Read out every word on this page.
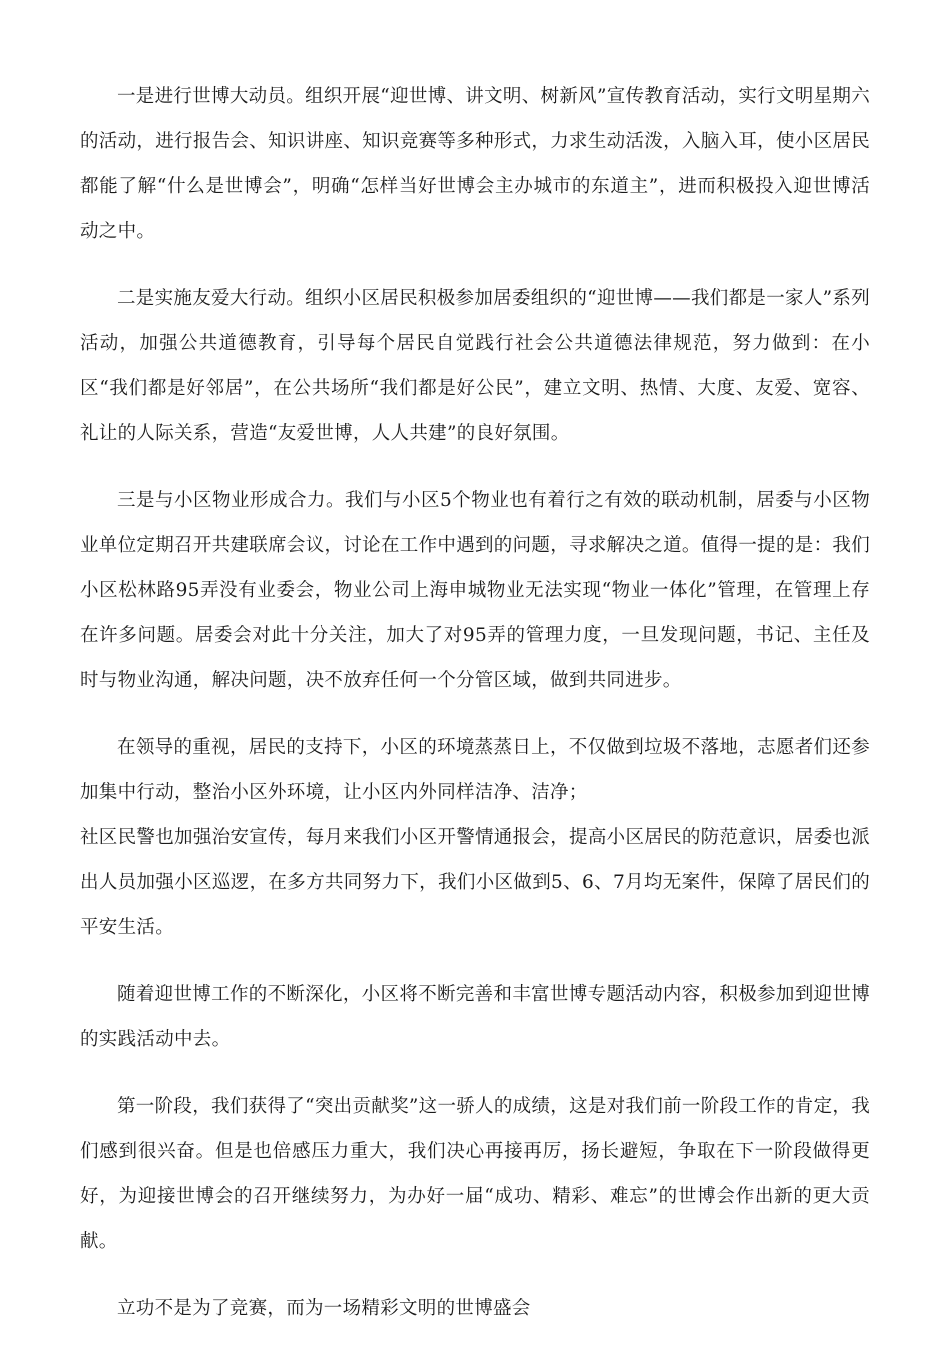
一是进行世博大动员。组织开展“迎世博、讲文明、树新风”宣传教育活动，实行文明星期六的活动，进行报告会、知识讲座、知识竞赛等多种形式，力求生动活泼，入脑入耳，使小区居民都能了解“什么是世博会”，明确“怎样当好世博会主办城市的东道主”，进而积极投入迎世博活动之中。

二是实施友爱大行动。组织小区居民积极参加居委组织的“迎世博——我们都是一家人”系列活动，加强公共道德教育，引导每个居民自觉践行社会公共道德法律规范，努力做到：在小区“我们都是好邻居”，在公共场所“我们都是好公民”，建立文明、热情、大度、友爱、宽容、礼让的人际关系，营造“友爱世博，人人共建”的良好氛围。

三是与小区物业形成合力。我们与小区5个物业也有着行之有效的联动机制，居委与小区物业单位定期召开共建联席会议，讨论在工作中遇到的问题，寻求解决之道。值得一提的是：我们小区松林路95弄没有业委会，物业公司上海申城物业无法实现“物业一体化”管理，在管理上存在许多问题。居委会对此十分关注，加大了对95弄的管理力度，一旦发现问题，书记、主任及时与物业沟通，解决问题，决不放弃任何一个分管区域，做到共同进步。

在领导的重视，居民的支持下，小区的环境蒸蒸日上，不仅做到垃圾不落地，志愿者们还参加集中行动，整治小区外环境，让小区内外同样洁净、洁净；

社区民警也加强治安宣传，每月来我们小区开警情通报会，提高小区居民的防范意识，居委也派出人员加强小区巡逻，在多方共同努力下，我们小区做到5、6、7月均无案件，保障了居民们的平安生活。

随着迎世博工作的不断深化，小区将不断完善和丰富世博专题活动内容，积极参加到迎世博的实践活动中去。

第一阶段，我们获得了“突出贡献奖”这一骄人的成绩，这是对我们前一阶段工作的肯定，我们感到很兴奋。但是也倍感压力重大，我们决心再接再厉，扬长避短，争取在下一阶段做得更好，为迎接世博会的召开继续努力，为办好一届“成功、精彩、难忘”的世博会作出新的更大贡献。

立功不是为了竞赛，而为一场精彩文明的世博盛会
